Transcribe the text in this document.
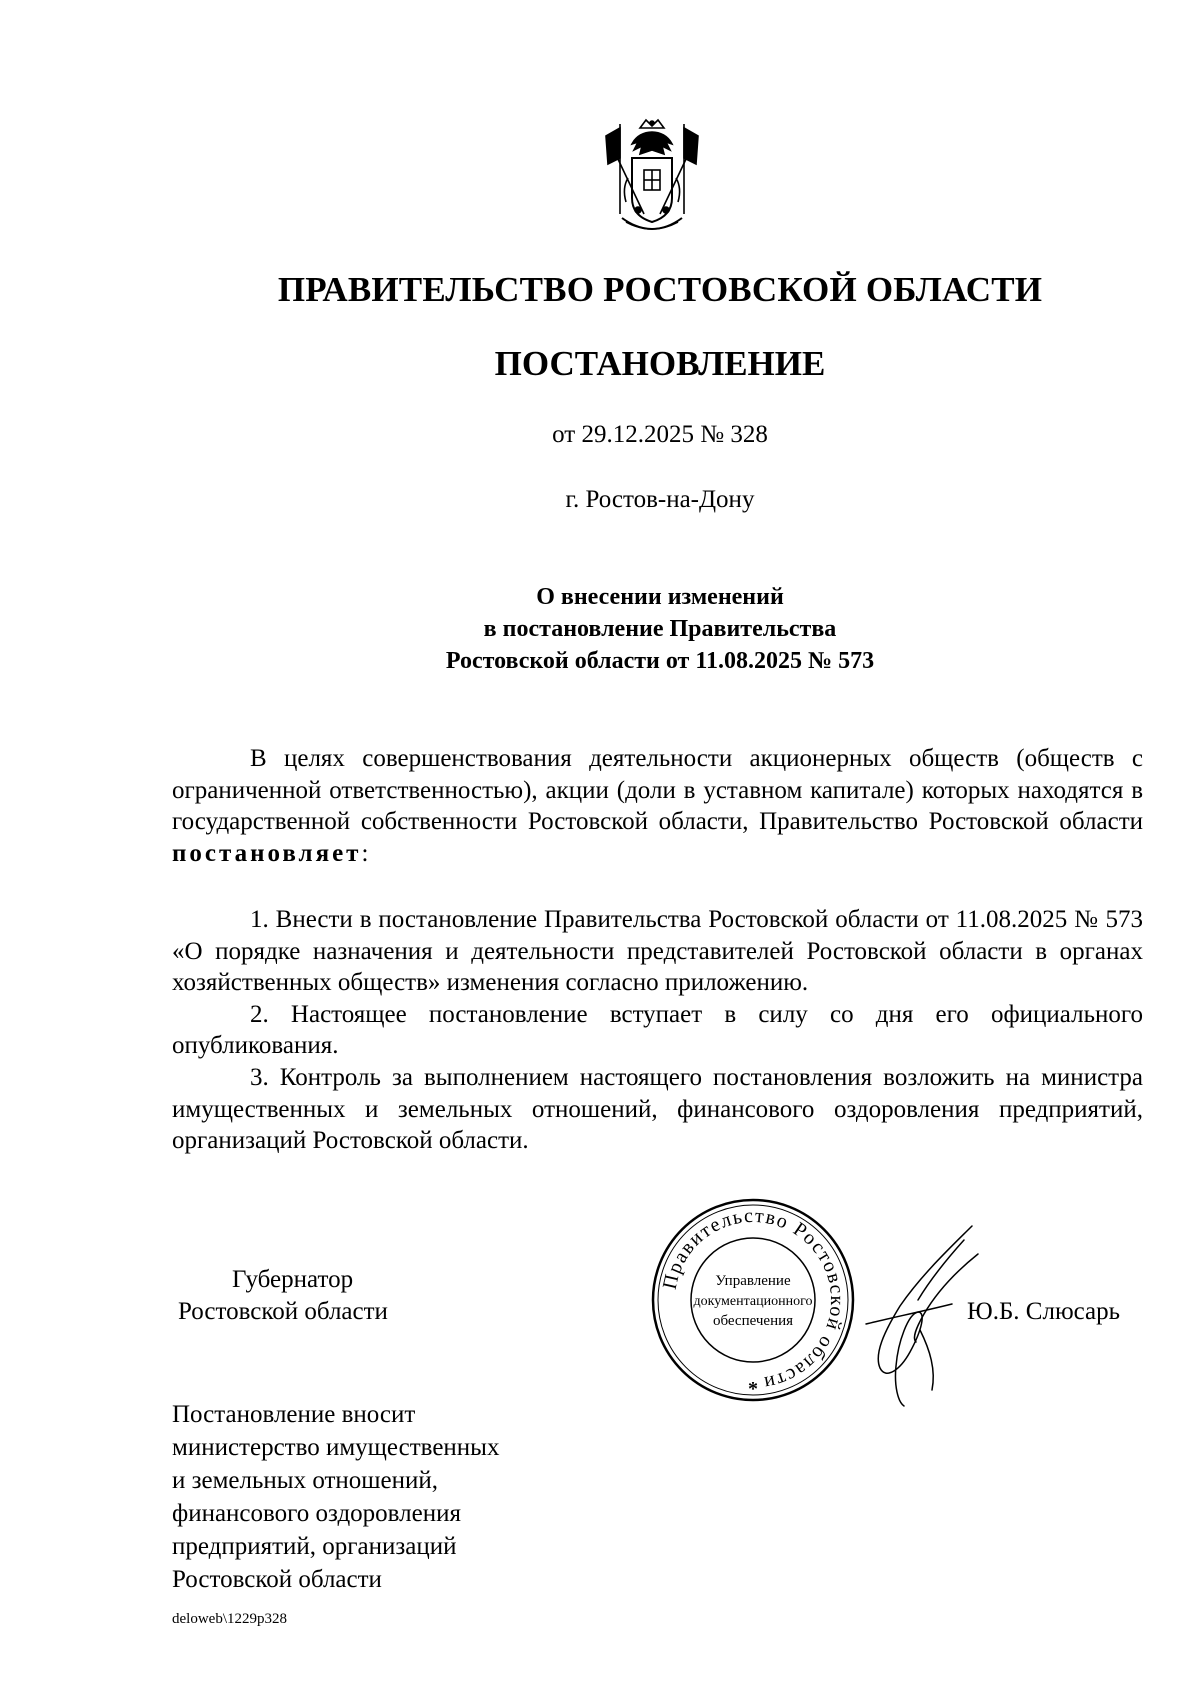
ПРАВИТЕЛЬСТВО РОСТОВСКОЙ ОБЛАСТИ
ПОСТАНОВЛЕНИЕ
от 29.12.2025 № 328
г. Ростов-на-Дону
О внесении изменений
в постановление Правительства
Ростовской области от 11.08.2025 № 573

В целях совершенствования деятельности акционерных обществ (обществ с ограниченной ответственностью), акции (доли в уставном капитале) которых находятся в государственной собственности Ростовской области, Правительство Ростовской области постановляет:

1. Внести в постановление Правительства Ростовской области от 11.08.2025 № 573 «О порядке назначения и деятельности представителей Ростовской области в органах хозяйственных обществ» изменения согласно приложению.

2. Настоящее постановление вступает в силу со дня его официального опубликования.

3. Контроль за выполнением настоящего постановления возложить на министра имущественных и земельных отношений, финансового оздоровления предприятий, организаций Ростовской области.

Губернатор
Ростовской области
Правительство Ростовской области
Управление
документационного
обеспечения
*
Ю.Б. Слюсарь
Постановление вносит
министерство имущественных
и земельных отношений,
финансового оздоровления
предприятий, организаций
Ростовской области
deloweb\1229p328
